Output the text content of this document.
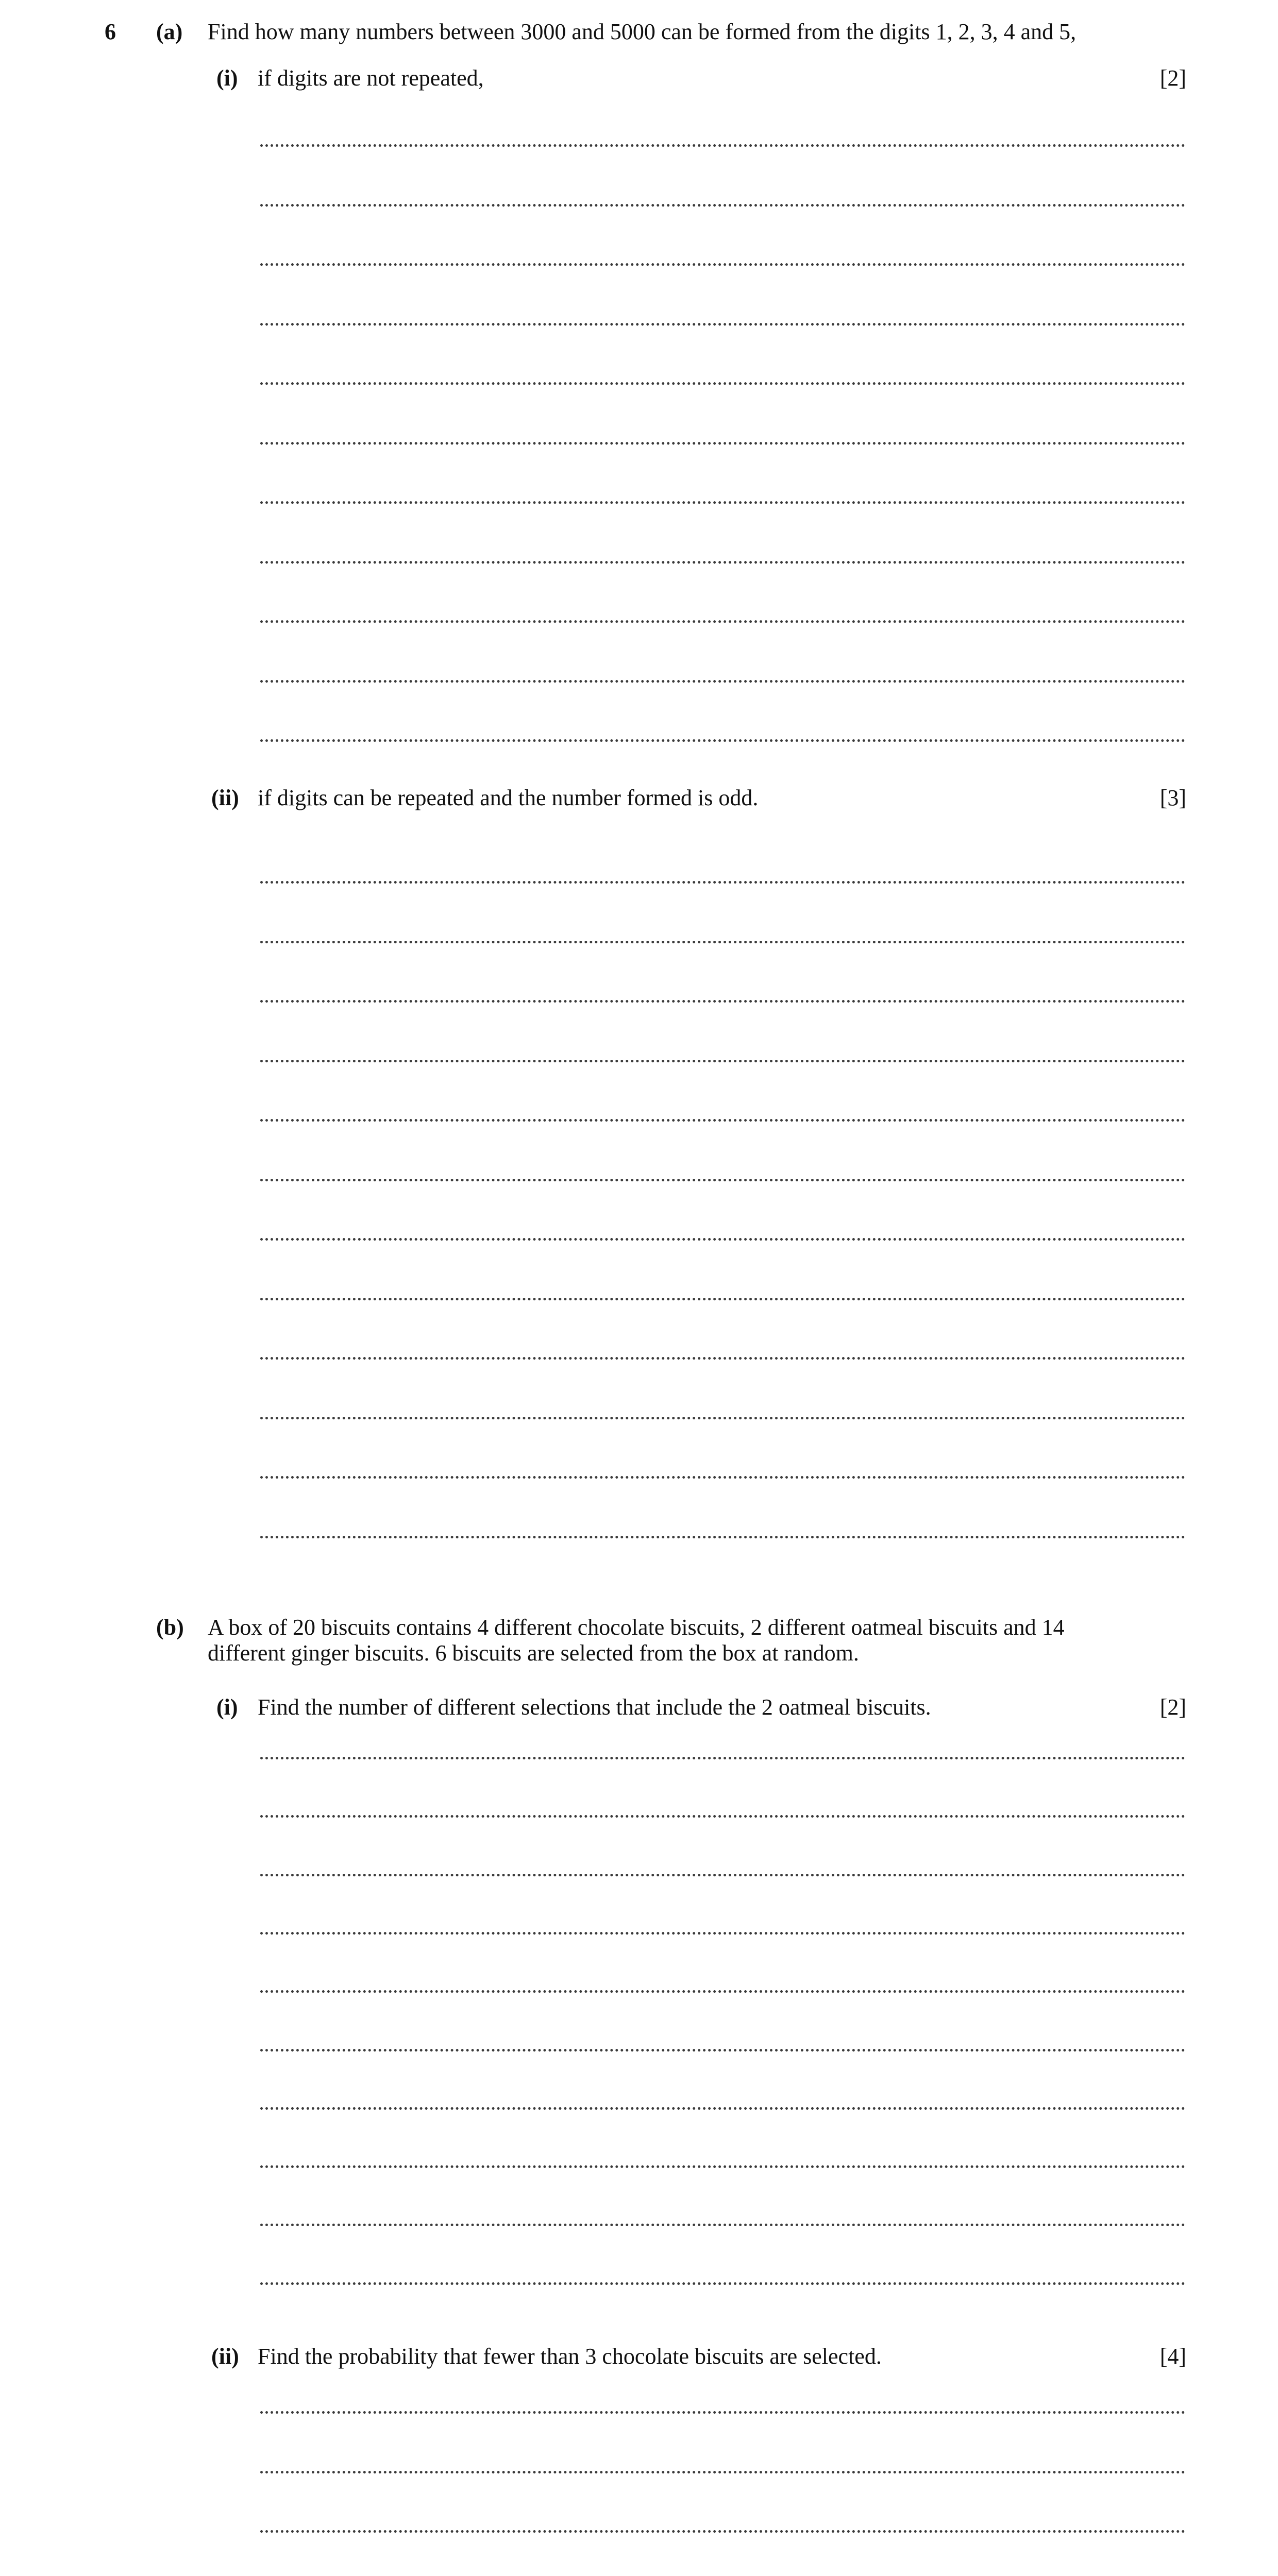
6 (a) Find how many numbers between 3000 and 5000 can be formed from the digits 1, 2, 3, 4 and 5,
(i) if digits are not repeated,	[2]
(ii) if digits can be repeated and the number formed is odd.	[3]
(b) A box of 20 biscuits contains 4 different chocolate biscuits, 2 different oatmeal biscuits and 14
different ginger biscuits. 6 biscuits are selected from the box at random.
(i) Find the number of different selections that include the 2 oatmeal biscuits.	[2]
(ii) Find the probability that fewer than 3 chocolate biscuits are selected.	[4]
